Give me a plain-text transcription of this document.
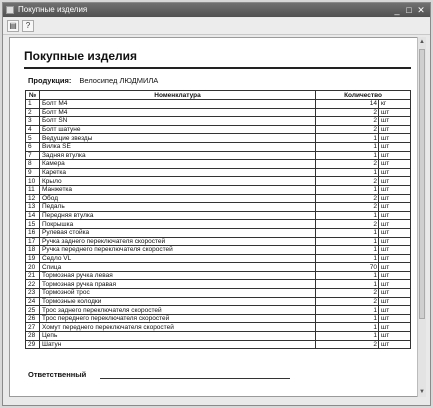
Покупные изделия	_ □ ✕
▤	?
Покупные изделия
Продукция: Велосипед ЛЮДМИЛА
№	Номенклатура	Количество	
1	Болт М4	14	кг
2	Болт М4	2	шт
3	Болт SN	2	шт
4	Болт шатуне	2	шт
5	Ведущие звезды	1	шт
6	Вилка SE	1	шт
7	Задняя втулка	1	шт
8	Камера	2	шт
9	Каретка	1	шт
10	Крыло	2	шт
11	Манжетка	1	шт
12	Обод	2	шт
13	Педаль	2	шт
14	Передняя втулка	1	шт
15	Покрышка	2	шт
16	Рулевая стойка	1	шт
17	Ручка заднего переключателя скоростей	1	шт
18	Ручка переднего переключателя скоростей	1	шт
19	Седло VL	1	шт
20	Спица	70	шт
21	Тормозная ручка левая	1	шт
22	Тормозная ручка правая	1	шт
23	Тормозной трос	2	шт
24	Тормозные колодки	2	шт
25	Трос заднего переключателя скоростей	1	шт
26	Трос переднего переключателя скоростей	1	шт
27	Хомут переднего переключателя скоростей	1	шт
28	Цепь	1	шт
29	Шатун	2	шт
Ответственный
▲
▼
